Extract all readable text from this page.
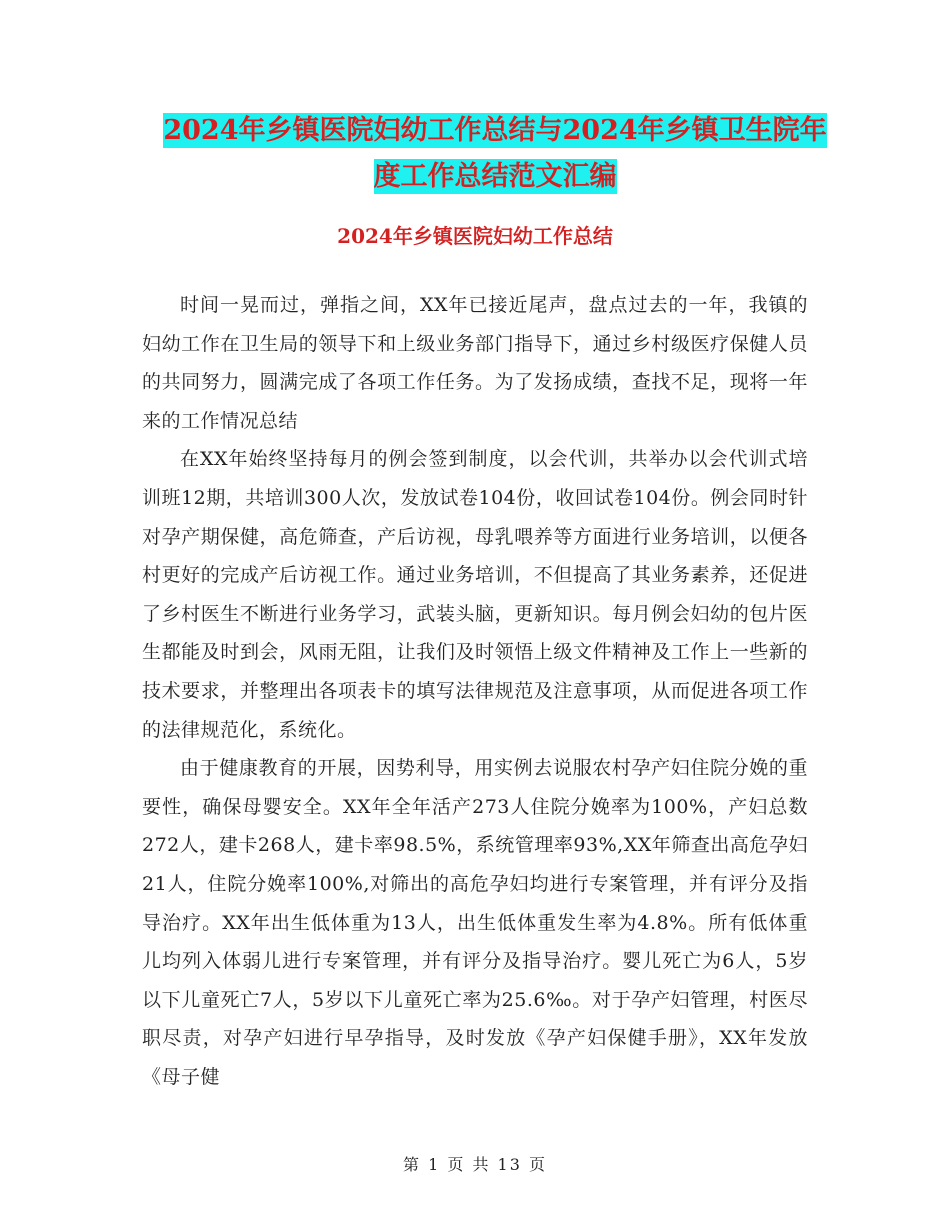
2024年乡镇医院妇幼工作总结与2024年乡镇卫生院年
度工作总结范文汇编
2024年乡镇医院妇幼工作总结

时间一晃而过，弹指之间，XX年已接近尾声，盘点过去的一年，我镇的妇幼工作在卫生局的领导下和上级业务部门指导下，通过乡村级医疗保健人员的共同努力，圆满完成了各项工作任务。为了发扬成绩，查找不足，现将一年来的工作情况总结

在XX年始终坚持每月的例会签到制度，以会代训，共举办以会代训式培训班12期，共培训300人次，发放试卷104份，收回试卷104份。例会同时针对孕产期保健，高危筛查，产后访视，母乳喂养等方面进行业务培训，以便各村更好的完成产后访视工作。通过业务培训，不但提高了其业务素养，还促进了乡村医生不断进行业务学习，武装头脑，更新知识。每月例会妇幼的包片医生都能及时到会，风雨无阻，让我们及时领悟上级文件精神及工作上一些新的技术要求，并整理出各项表卡的填写法律规范及注意事项，从而促进各项工作的法律规范化，系统化。

由于健康教育的开展，因势利导，用实例去说服农村孕产妇住院分娩的重要性，确保母婴安全。XX年全年活产273人住院分娩率为100%，产妇总数272人，建卡268人，建卡率98.5%，系统管理率93%,XX年筛查出高危孕妇21人，住院分娩率100%,对筛出的高危孕妇均进行专案管理，并有评分及指导治疗。XX年出生低体重为13人，出生低体重发生率为4.8%。所有低体重儿均列入体弱儿进行专案管理，并有评分及指导治疗。婴儿死亡为6人，5岁以下儿童死亡7人，5岁以下儿童死亡率为25.6‰。对于孕产妇管理，村医尽职尽责，对孕产妇进行早孕指导，及时发放《孕产妇保健手册》，XX年发放《母子健

第 1 页 共 13 页
